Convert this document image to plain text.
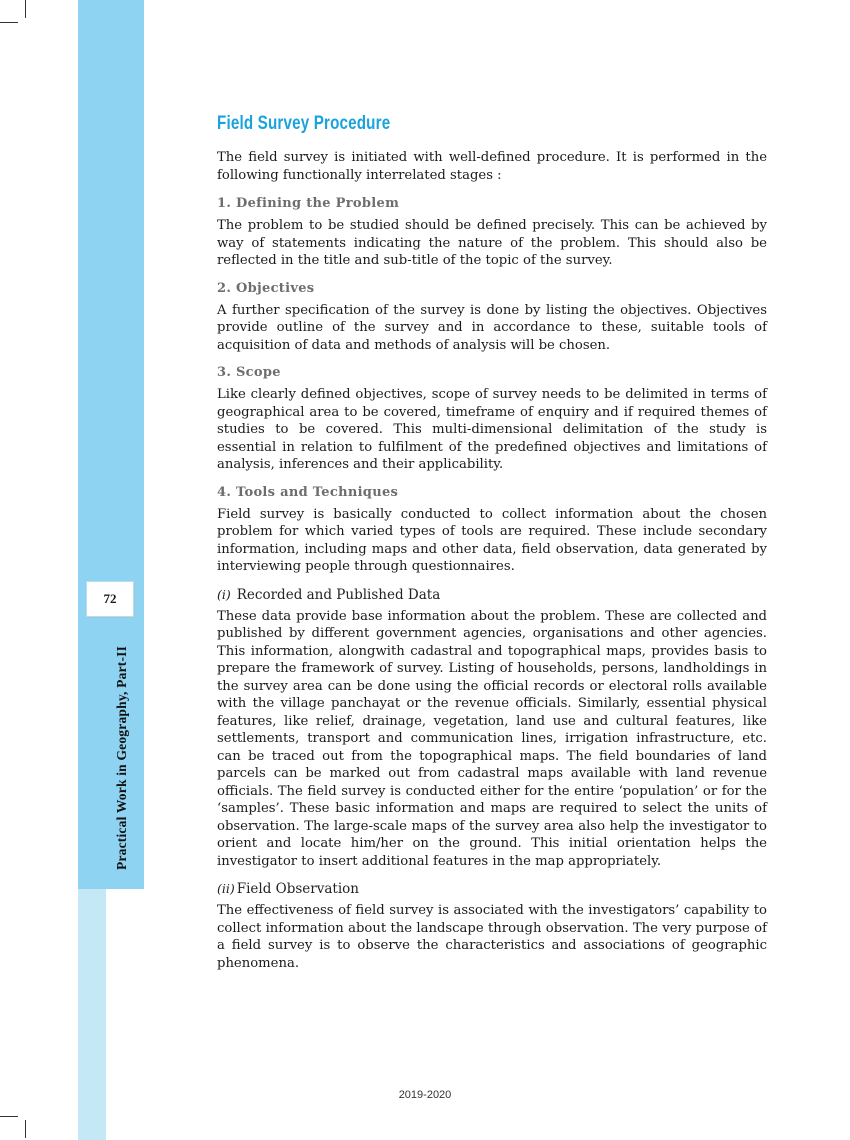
72
Practical Work in Geography, Part-II
Field Survey Procedure

The field survey is initiated with well-defined procedure. It is performed in the following functionally interrelated stages :

1. Defining the Problem

The problem to be studied should be defined precisely. This can be achieved by way of statements indicating the nature of the problem. This should also be reflected in the title and sub-title of the topic of the survey.

2. Objectives

A further specification of the survey is done by listing the objectives. Objectives provide outline of the survey and in accordance to these, suitable tools of acquisition of data and methods of analysis will be chosen.

3. Scope

Like clearly defined objectives, scope of survey needs to be delimited in terms of geographical area to be covered, timeframe of enquiry and if required themes of studies to be covered. This multi-dimensional delimitation of the study is essential in relation to fulfilment of the predefined objectives and limitations of analysis, inferences and their applicability.

4. Tools and Techniques

Field survey is basically conducted to collect information about the chosen problem for which varied types of tools are required. These include secondary information, including maps and other data, field observation, data generated by interviewing people through questionnaires.

(i) Recorded and Published Data

These data provide base information about the problem. These are collected and published by different government agencies, organisations and other agencies. This information, alongwith cadastral and topographical maps, provides basis to prepare the framework of survey. Listing of households, persons, landholdings in the survey area can be done using the official records or electoral rolls available with the village panchayat or the revenue officials. Similarly, essential physical features, like relief, drainage, vegetation, land use and cultural features, like settlements, transport and communication lines, irrigation infrastructure, etc. can be traced out from the topographical maps. The field boundaries of land parcels can be marked out from cadastral maps available with land revenue officials. The field survey is conducted either for the entire ‘population’ or for the ‘samples’. These basic information and maps are required to select the units of observation. The large-scale maps of the survey area also help the investigator to orient and locate him/her on the ground. This initial orientation helps the investigator to insert additional features in the map appropriately.

(ii) Field Observation

The effectiveness of field survey is associated with the investigators’ capability to collect information about the landscape through observation. The very purpose of a field survey is to observe the characteristics and associations of geographic phenomena.

2019-2020
